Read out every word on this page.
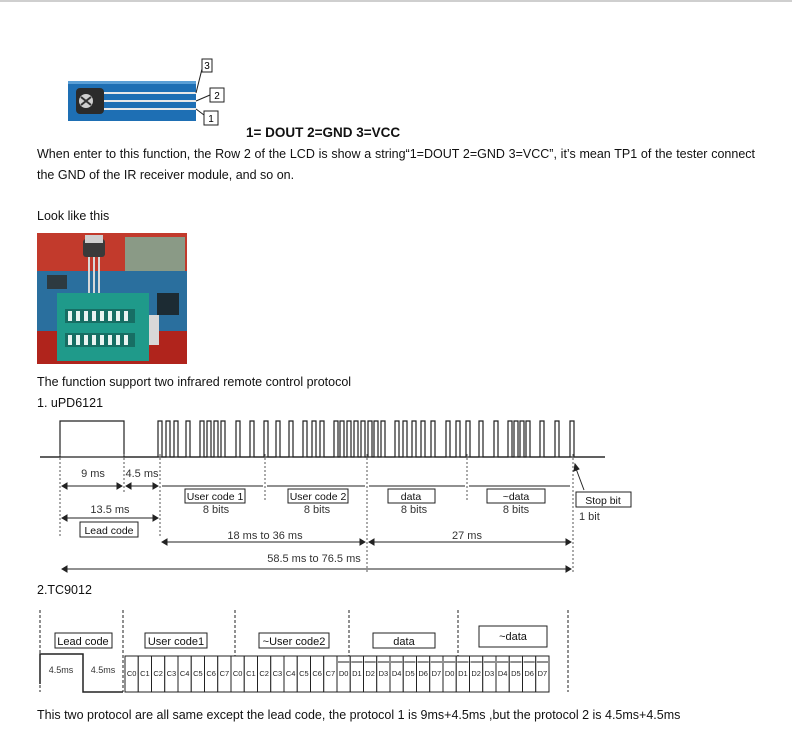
3
2
1
1= DOUT 2=GND 3=VCC
When enter to this function, the Row 2 of the LCD is show a string“1=DOUT 2=GND 3=VCC”, it’s mean TP1 of the tester connect the GND of the IR receiver module, and so on.
Look like this
The function support two infrared remote control protocol
1. uPD6121
9 ms 4.5 ms
13.5 ms
18 ms to 36 ms	27 ms
58.5 ms to 76.5 ms
8 bits	8 bits	8 bits	8 bits
1 bit
Lead code
User code 1	User code 2	data	~data	Stop bit
2.TC9012
Lead code	User code1	~User code2	data	~data
4.5ms 4.5ms C0 C1 C2 C3 C4 C5 C6 C7 C0 C1 C2 C3 C4 C5 C6 C7 D0 D1 D2 D3 D4 D5 D6 D7 D0 D1 D2 D3 D4 D5 D6 D7
This two protocol are all same except the lead code, the protocol 1 is 9ms+4.5ms ,but the protocol 2 is 4.5ms+4.5ms
